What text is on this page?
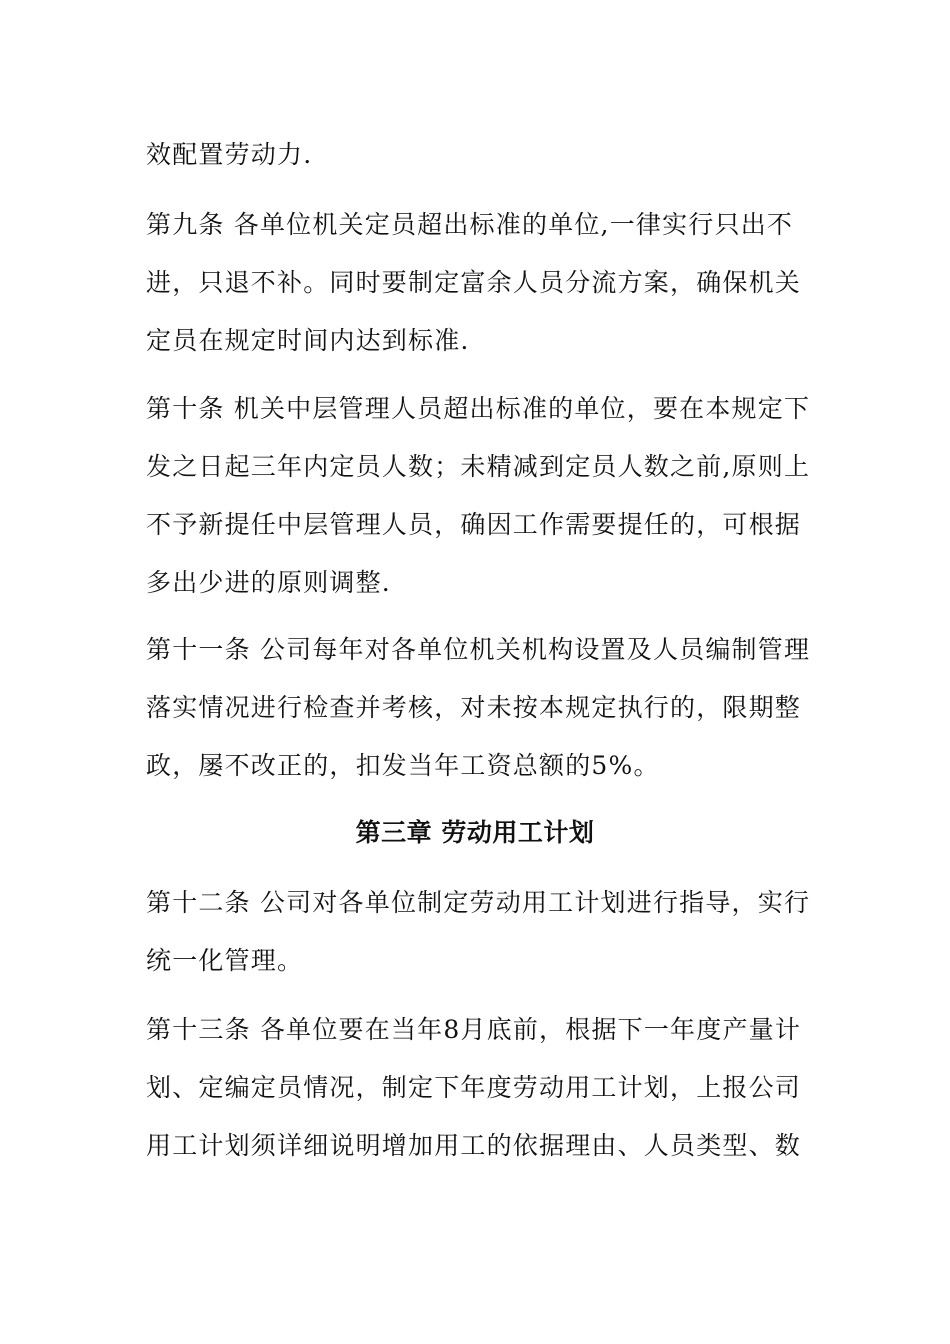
效配置劳动力.
第九条 各单位机关定员超出标准的单位,一律实行只出不
进，只退不补。同时要制定富余人员分流方案，确保机关
定员在规定时间内达到标准.
第十条 机关中层管理人员超出标准的单位，要在本规定下
发之日起三年内定员人数；未精减到定员人数之前,原则上
不予新提任中层管理人员，确因工作需要提任的，可根据
多出少进的原则调整.
第十一条 公司每年对各单位机关机构设置及人员编制管理
落实情况进行检查并考核，对未按本规定执行的，限期整
政，屡不改正的，扣发当年工资总额的5%。
第三章 劳动用工计划
第十二条 公司对各单位制定劳动用工计划进行指导，实行
统一化管理。
第十三条 各单位要在当年8月底前，根据下一年度产量计
划、定编定员情况，制定下年度劳动用工计划，上报公司
用工计划须详细说明增加用工的依据理由、人员类型、数
